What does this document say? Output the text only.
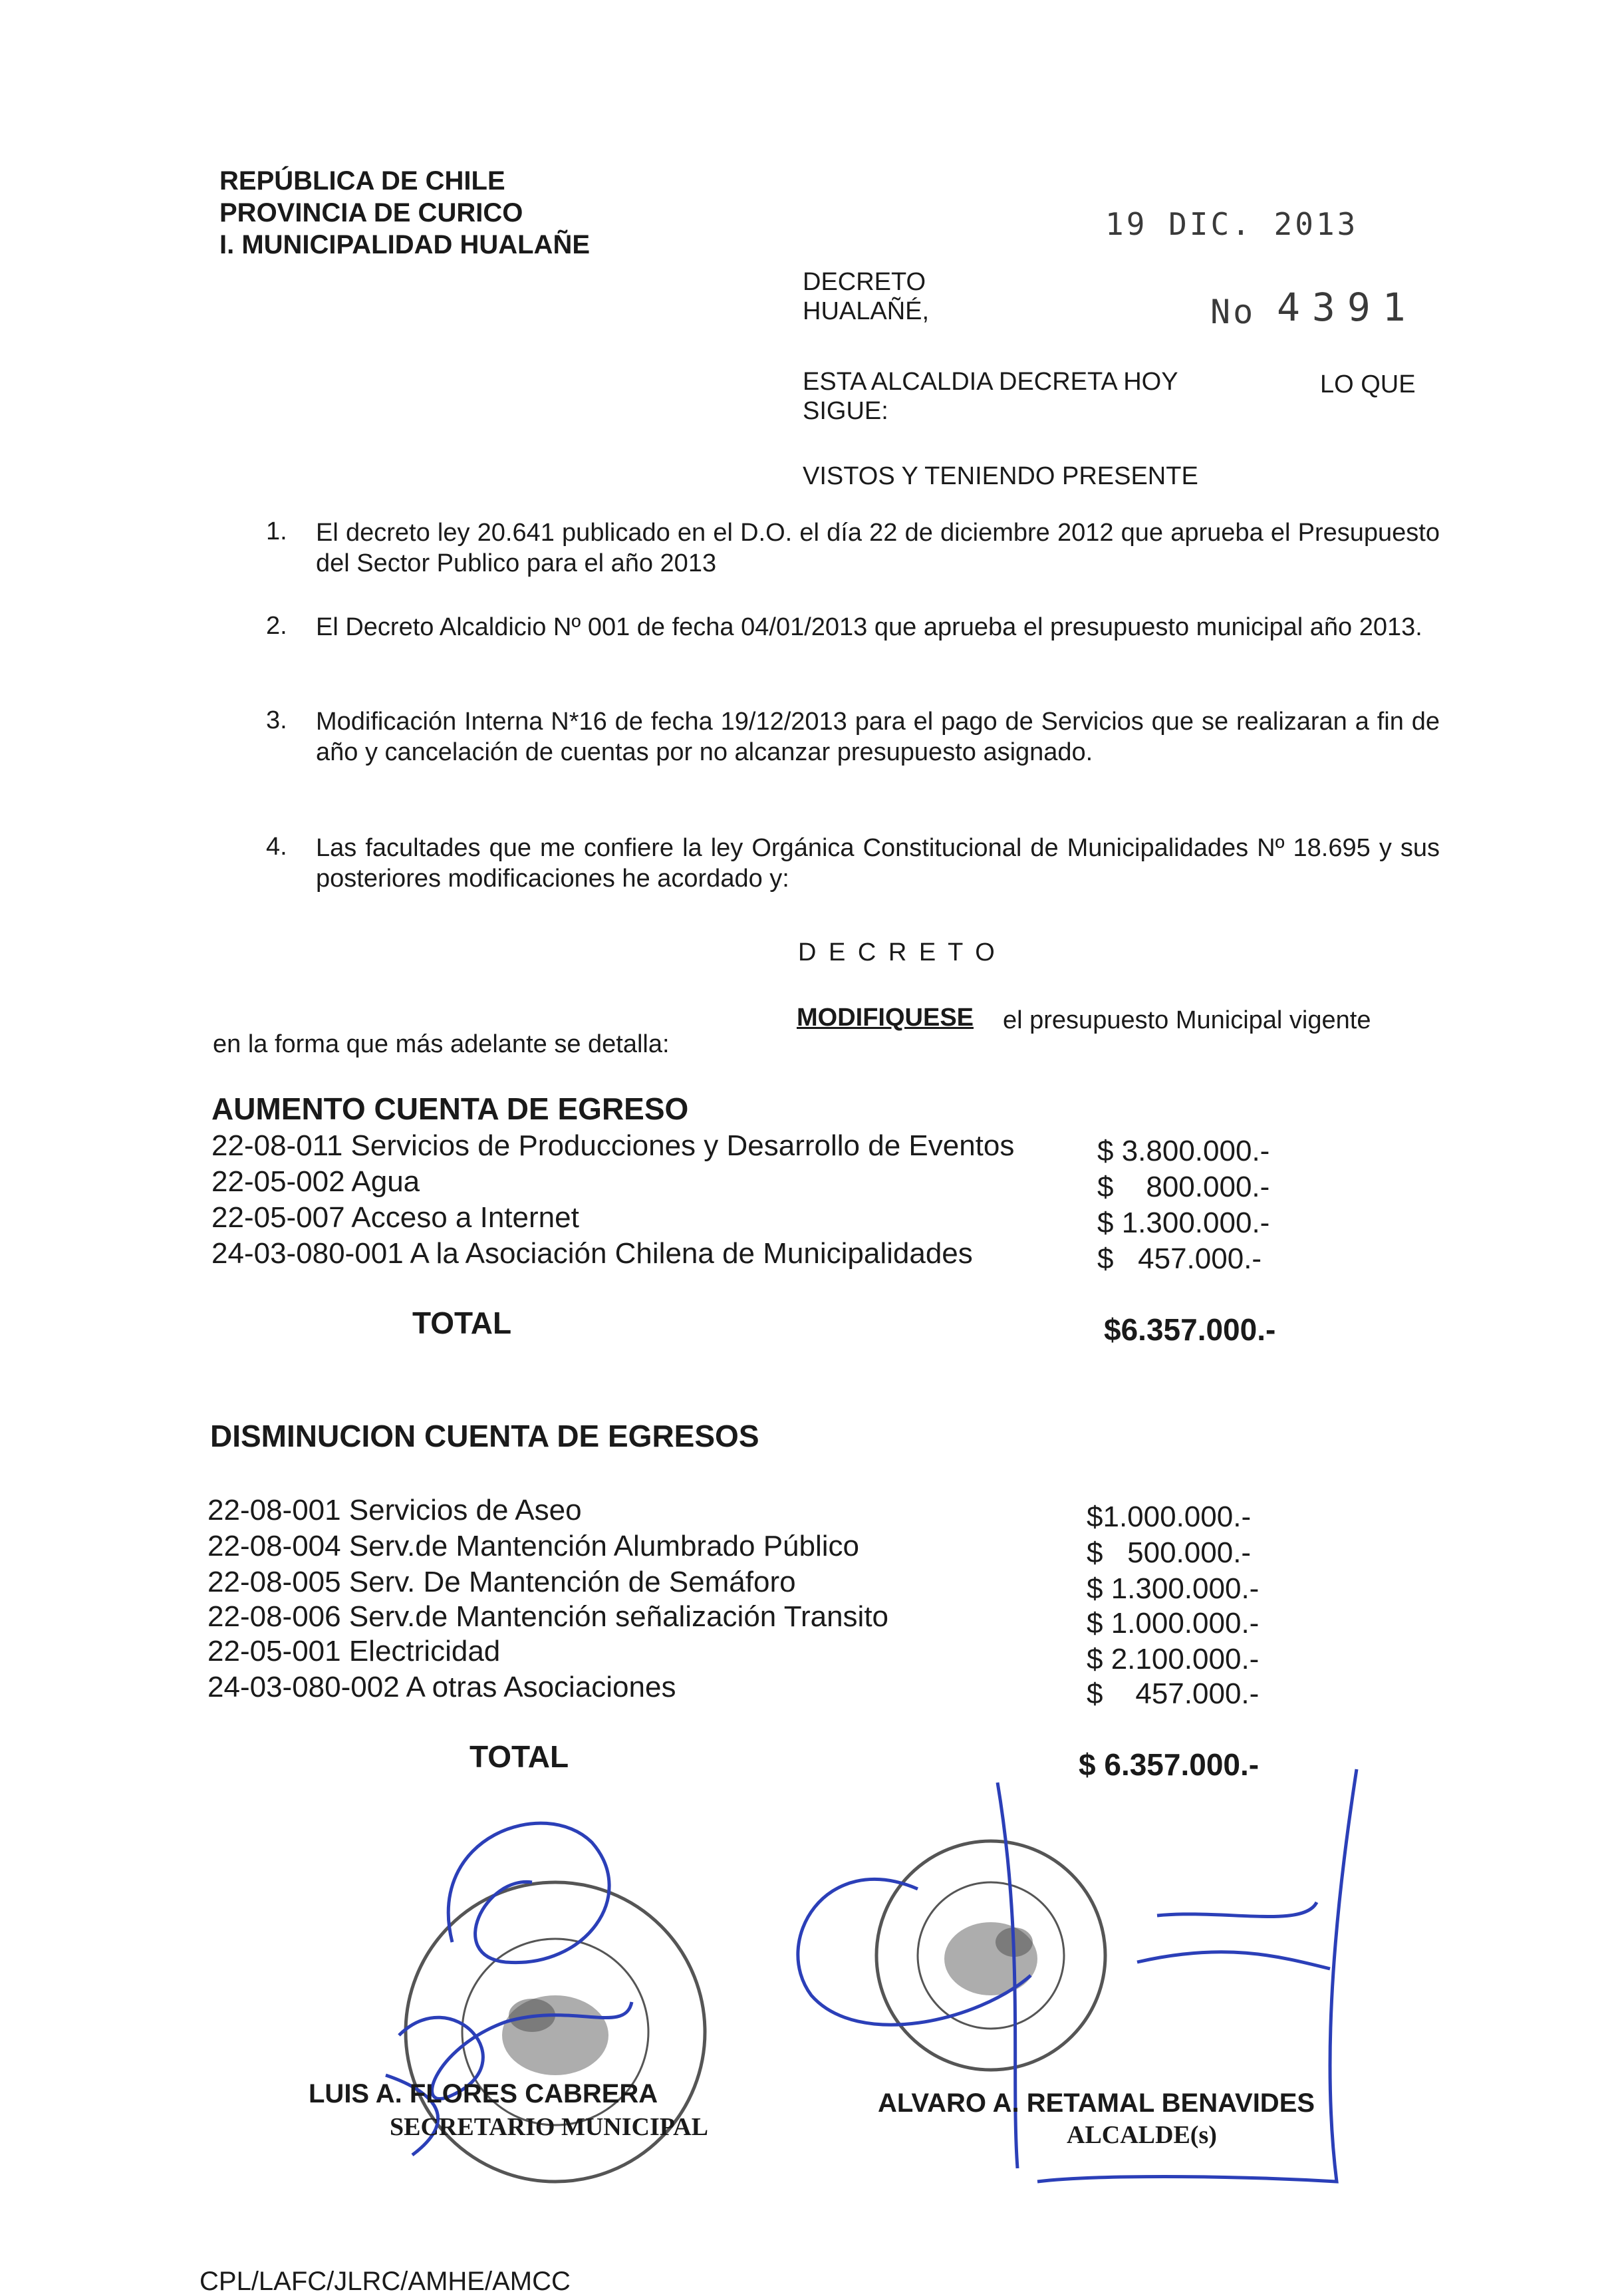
REPÚBLICA DE CHILE
PROVINCIA DE CURICO
I. MUNICIPALIDAD HUALAÑE
19 DIC. 2013
DECRETO
HUALAÑÉ,	No 4391
ESTA ALCALDIA DECRETA HOY	LO QUE
SIGUE:
VISTOS Y TENIENDO PRESENTE
1. El decreto ley 20.641 publicado en el D.O. el día 22 de diciembre 2012 que aprueba el Presupuesto del Sector Publico para el año 2013
2. El Decreto Alcaldicio Nº 001 de fecha 04/01/2013 que aprueba el presupuesto municipal año 2013.
3. Modificación Interna N*16 de fecha 19/12/2013 para el pago de Servicios que se realizaran a fin de año y cancelación de cuentas por no alcanzar presupuesto asignado.
4. Las facultades que me confiere la ley Orgánica Constitucional de Municipalidades Nº 18.695 y sus posteriores modificaciones he acordado y:
D E C R E T O
MODIFIQUESE el presupuesto Municipal vigente
en la forma que más adelante se detalla:
AUMENTO CUENTA DE EGRESO
22-08-011 Servicios de Producciones y Desarrollo de Eventos	$ 3.800.000.-
22-05-002 Agua	$    800.000.-
22-05-007 Acceso a Internet	$ 1.300.000.-
24-03-080-001 A la Asociación Chilena de Municipalidades	$   457.000.-
TOTAL	$6.357.000.-
DISMINUCION CUENTA DE EGRESOS
22-08-001 Servicios de Aseo	$1.000.000.-
22-08-004 Serv.de Mantención Alumbrado Público	$   500.000.-
22-08-005 Serv. De Mantención de Semáforo	$ 1.300.000.-
22-08-006 Serv.de Mantención señalización Transito	$ 1.000.000.-
22-05-001 Electricidad	$ 2.100.000.-
24-03-080-002 A otras Asociaciones	$    457.000.-
TOTAL	$ 6.357.000.-
LUIS A. FLORES CABRERA
SECRETARIO MUNICIPAL
ALVARO A. RETAMAL BENAVIDES
ALCALDE(s)
CPL/LAFC/JLRC/AMHE/AMCC
